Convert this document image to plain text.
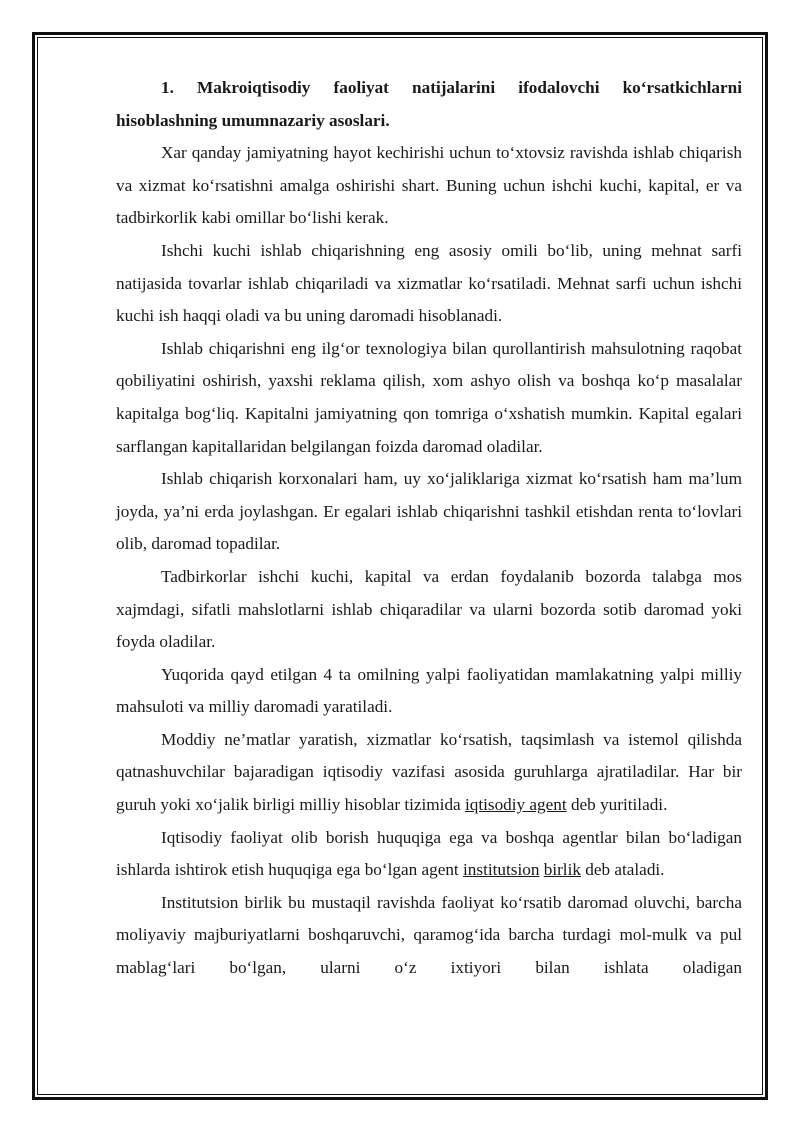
1. Makroiqtisodiy faoliyat natijalarini ifodalovchi ko‘rsatkichlarni hisoblashning umumnazariy asoslari.

Xar qanday jamiyatning hayot kechirishi uchun to‘xtovsiz ravishda ishlab chiqarish va xizmat ko‘rsatishni amalga oshirishi shart. Buning uchun ishchi kuchi, kapital, er va tadbirkorlik kabi omillar bo‘lishi kerak.

Ishchi kuchi ishlab chiqarishning eng asosiy omili bo‘lib, uning mehnat sarfi natijasida tovarlar ishlab chiqariladi va xizmatlar ko‘rsatiladi. Mehnat sarfi uchun ishchi kuchi ish haqqi oladi va bu uning daromadi hisoblanadi.

Ishlab chiqarishni eng ilg‘or texnologiya bilan qurollantirish mahsulotning raqobat qobiliyatini oshirish, yaxshi reklama qilish, xom ashyo olish va boshqa ko‘p masalalar kapitalga bog‘liq. Kapitalni jamiyatning qon tomriga o‘xshatish mumkin. Kapital egalari sarflangan kapitallaridan belgilangan foizda daromad oladilar.

Ishlab chiqarish korxonalari ham, uy xo‘jaliklariga xizmat ko‘rsatish ham ma’lum joyda, ya’ni erda joylashgan. Er egalari ishlab chiqarishni tashkil etishdan renta to‘lovlari olib, daromad topadilar.

Tadbirkorlar ishchi kuchi, kapital va erdan foydalanib bozorda talabga mos xajmdagi, sifatli mahslotlarni ishlab chiqaradilar va ularni bozorda sotib daromad yoki foyda oladilar.

Yuqorida qayd etilgan 4 ta omilning yalpi faoliyatidan mamlakatning yalpi milliy mahsuloti va milliy daromadi yaratiladi.

Moddiy ne’matlar yaratish, xizmatlar ko‘rsatish, taqsimlash va istemol qilishda qatnashuvchilar bajaradigan iqtisodiy vazifasi asosida guruhlarga ajratiladilar. Har bir guruh yoki xo‘jalik birligi milliy hisoblar tizimida iqtisodiy agent deb yuritiladi.

Iqtisodiy faoliyat olib borish huquqiga ega va boshqa agentlar bilan bo‘ladigan ishlarda ishtirok etish huquqiga ega bo‘lgan agent institutsion birlik deb ataladi.

Institutsion birlik bu mustaqil ravishda faoliyat ko‘rsatib daromad oluvchi, barcha moliyaviy majburiyatlarni boshqaruvchi, qaramog‘ida barcha turdagi mol-mulk va pul mablag‘lari bo‘lgan, ularni o‘z ixtiyori bilan ishlata oladigan
